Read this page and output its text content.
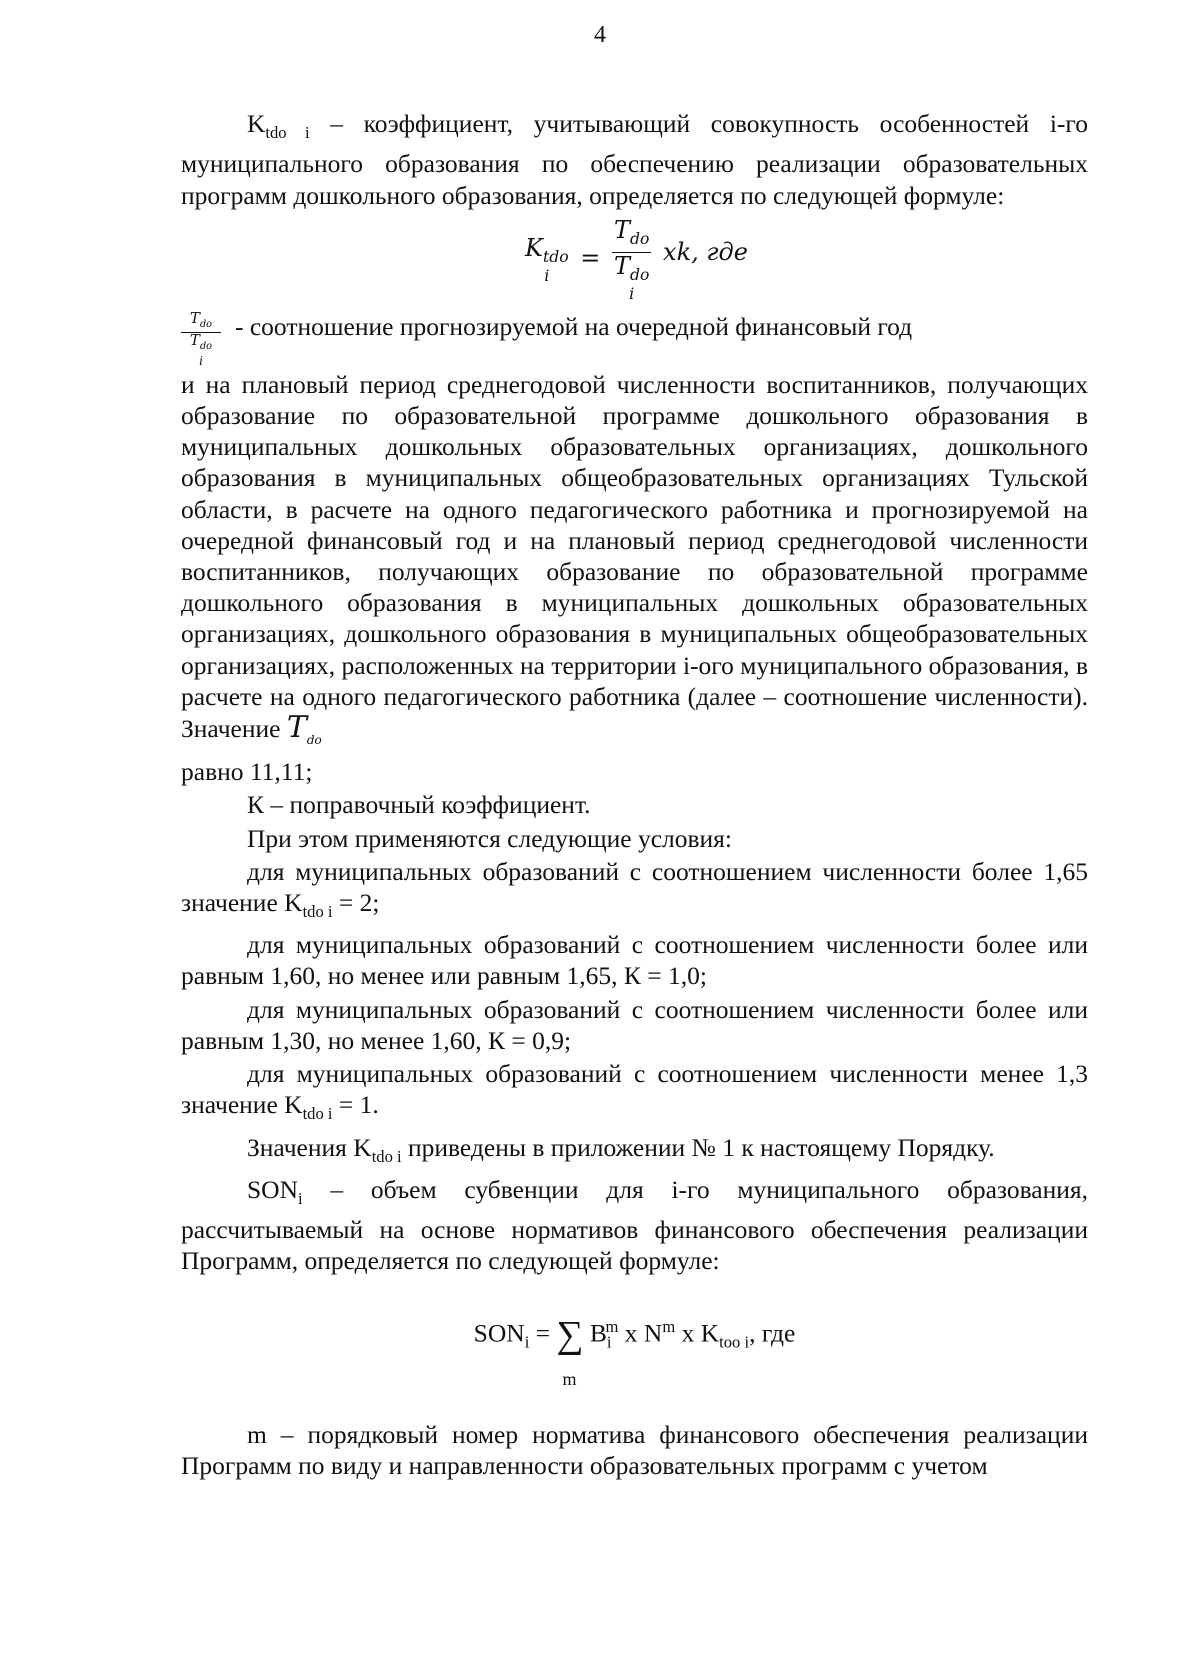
4

$K_{tdo i}$ – коэффициент, учитывающий совокупность особенностей i-го муниципального образования по обеспечению реализации образовательных программ дошкольного образования, определяется по следующей формуле:

$K_{tdo}$
i
=
$T_{do}$
$T_{do}$
i
xk, где
$T_{do}$
$T_{do}$
i
- соотношение прогнозируемой на очередной финансовый год

и на плановый период среднегодовой численности воспитанников, получающих образование по образовательной программе дошкольного образования в муниципальных дошкольных образовательных организациях, дошкольного образования в муниципальных общеобразовательных организациях Тульской области, в расчете на одного педагогического работника и прогнозируемой на очередной финансовый год и на плановый период среднегодовой численности воспитанников, получающих образование по образовательной программе дошкольного образования в муниципальных дошкольных образовательных организациях, дошкольного образования в муниципальных общеобразовательных организациях, расположенных на территории i-ого муниципального образования, в расчете на одного педагогического работника (далее – соотношение численности). Значение $T_{do}$
равно 11,11;

К – поправочный коэффициент.

При этом применяются следующие условия:

для муниципальных образований с соотношением численности более 1,65 значение $K_{tdo i} = 2$;

для муниципальных образований с соотношением численности более или равным 1,60, но менее или равным 1,65, К = 1,0;

для муниципальных образований с соотношением численности более или равным 1,30, но менее 1,60, К = 0,9;

для муниципальных образований с соотношением численности менее 1,3 значение $K_{tdo i} = 1$.

Значения $K_{tdo i}$ приведены в приложении № 1 к настоящему Порядку.

$SON_i$ – объем субвенции для i-го муниципального образования, рассчитываемый на основе нормативов финансового обеспечения реализации Программ, определяется по следующей формуле:

$SON_i$ = ∑
m
$B_i^m$ x $N^m$ x $K_{too i}$, где

m – порядковый номер норматива финансового обеспечения реализации Программ по виду и направленности образовательных программ с учетом
